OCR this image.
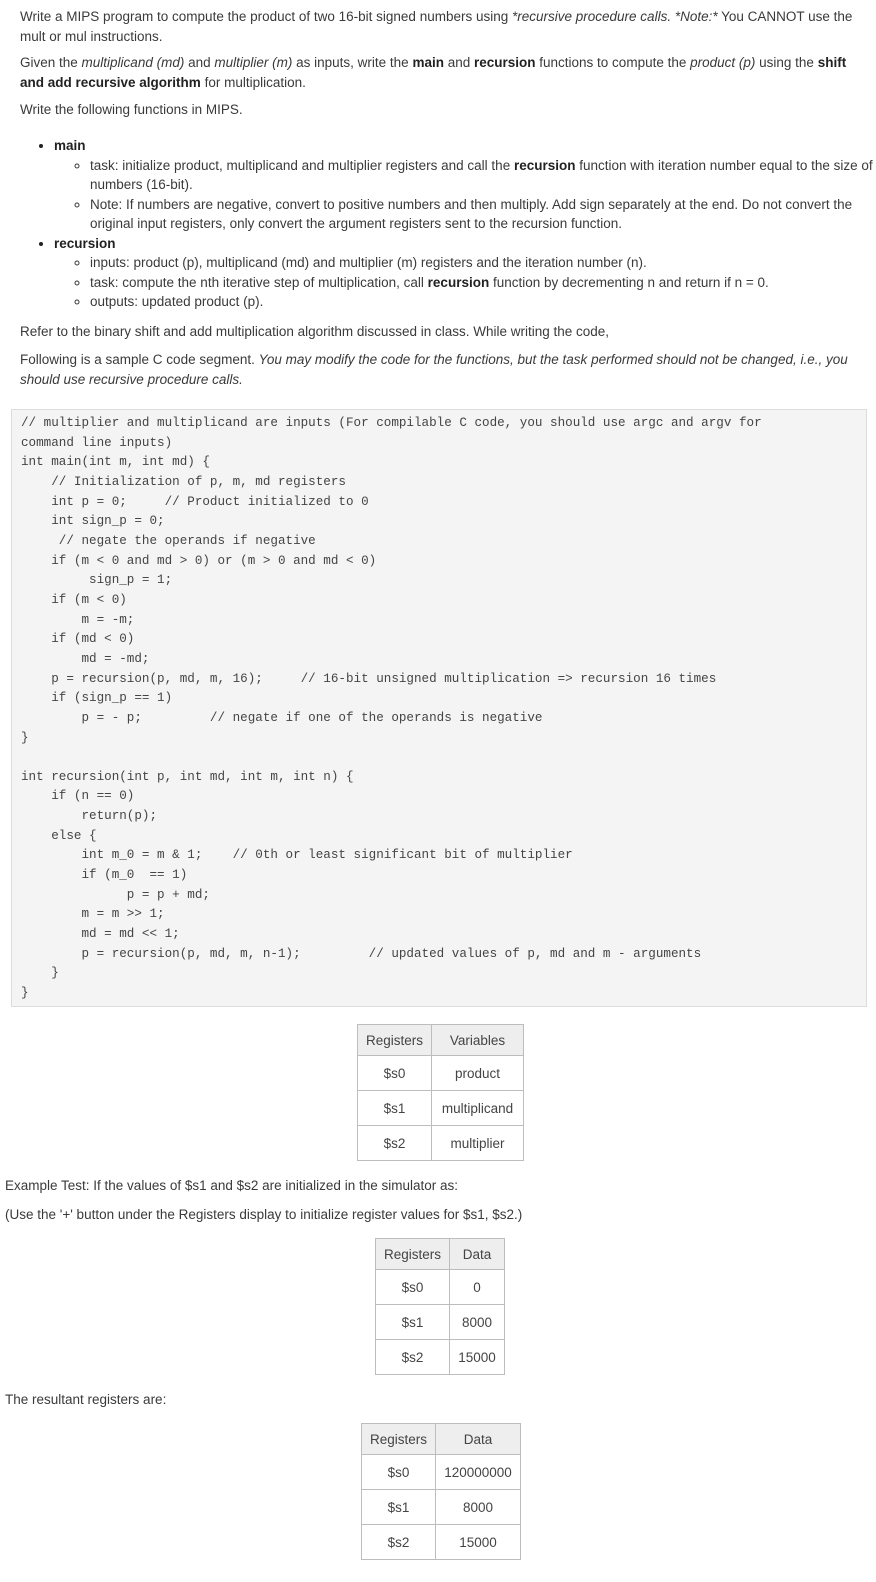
Write a MIPS program to compute the product of two 16-bit signed numbers using *recursive procedure calls. *Note:* You CANNOT use the mult or mul instructions.

Given the multiplicand (md) and multiplier (m) as inputs, write the main and recursion functions to compute the product (p) using the shift and add recursive algorithm for multiplication.

Write the following functions in MIPS.

• main
◦ task: initialize product, multiplicand and multiplier registers and call the recursion function with iteration number equal to the size of numbers (16-bit).
◦ Note: If numbers are negative, convert to positive numbers and then multiply. Add sign separately at the end. Do not convert the original input registers, only convert the argument registers sent to the recursion function.
• recursion
◦ inputs: product (p), multiplicand (md) and multiplier (m) registers and the iteration number (n).
◦ task: compute the nth iterative step of multiplication, call recursion function by decrementing n and return if n = 0.
◦ outputs: updated product (p).

Refer to the binary shift and add multiplication algorithm discussed in class. While writing the code,

Following is a sample C code segment. You may modify the code for the functions, but the task performed should not be changed, i.e., you should use recursive procedure calls.

// multiplier and multiplicand are inputs (For compilable C code, you should use argc and argv for
command line inputs)
int main(int m, int md) {
// Initialization of p, m, md registers
int p = 0;     // Product initialized to 0
int sign_p = 0;
// negate the operands if negative
if (m < 0 and md > 0) or (m > 0 and md < 0)
sign_p = 1;
if (m < 0)
m = -m;
if (md < 0)
md = -md;
p = recursion(p, md, m, 16);     // 16-bit unsigned multiplication => recursion 16 times
if (sign_p == 1)
p = - p;         // negate if one of the operands is negative
}

int recursion(int p, int md, int m, int n) {
if (n == 0)
return(p);
else {
int m_0 = m & 1;    // 0th or least significant bit of multiplier
if (m_0  == 1)
p = p + md;
m = m >> 1;
md = md << 1;
p = recursion(p, md, m, n-1);         // updated values of p, md and m - arguments
}
}
Registers	Variables
$s0	product
$s1	multiplicand
$s2	multiplier

Example Test: If the values of $s1 and $s2 are initialized in the simulator as:

(Use the '+' button under the Registers display to initialize register values for $s1, $s2.)

Registers	Data
$s0	0
$s1	8000
$s2	15000

The resultant registers are:

Registers	Data
$s0	120000000
$s1	8000
$s2	15000
